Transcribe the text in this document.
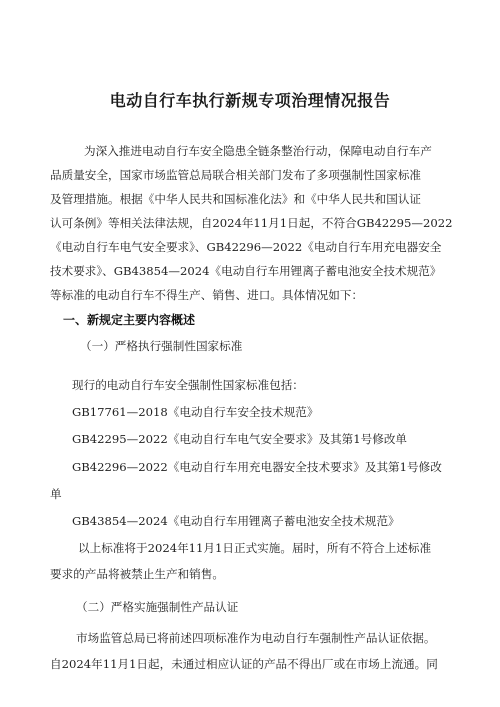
电动自行车执行新规专项治理情况报告
为深入推进电动自行车安全隐患全链条整治行动，保障电动自行车产
品质量安全，国家市场监管总局联合相关部门发布了多项强制性国家标准
及管理措施。根据《中华人民共和国标准化法》和《中华人民共和国认证
认可条例》等相关法律法规，自2024年11月1日起，不符合GB42295—2022
《电动自行车电气安全要求》、GB42296—2022《电动自行车用充电器安全
技术要求》、GB43854—2024《电动自行车用锂离子蓄电池安全技术规范》
等标准的电动自行车不得生产、销售、进口。具体情况如下：
一、新规定主要内容概述
（一）严格执行强制性国家标准
现行的电动自行车安全强制性国家标准包括：
GB17761—2018《电动自行车安全技术规范》
GB42295—2022《电动自行车电气安全要求》及其第1号修改单
GB42296—2022《电动自行车用充电器安全技术要求》及其第1号修改
单
GB43854—2024《电动自行车用锂离子蓄电池安全技术规范》
以上标准将于2024年11月1日正式实施。届时，所有不符合上述标准
要求的产品将被禁止生产和销售。
（二）严格实施强制性产品认证
市场监管总局已将前述四项标准作为电动自行车强制性产品认证依据。
自2024年11月1日起，未通过相应认证的产品不得出厂或在市场上流通。同
